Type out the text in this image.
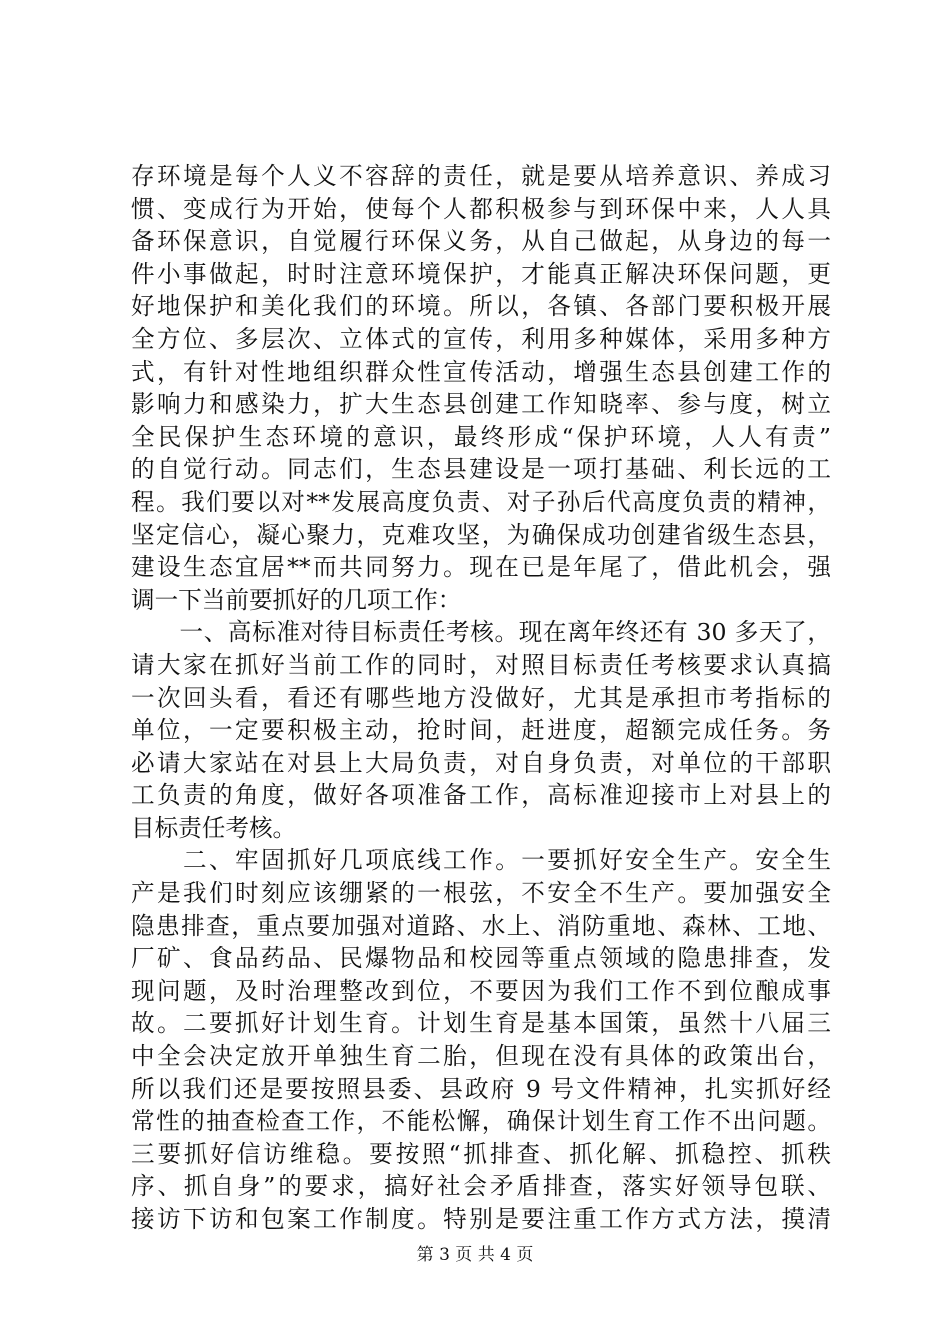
存环境是每个人义不容辞的责任，就是要从培养意识、养成习
惯、变成行为开始，使每个人都积极参与到环保中来，人人具
备环保意识，自觉履行环保义务，从自己做起，从身边的每一
件小事做起，时时注意环境保护，才能真正解决环保问题，更
好地保护和美化我们的环境。所以，各镇、各部门要积极开展
全方位、多层次、立体式的宣传，利用多种媒体，采用多种方
式，有针对性地组织群众性宣传活动，增强生态县创建工作的
影响力和感染力，扩大生态县创建工作知晓率、参与度，树立
全民保护生态环境的意识，最终形成“保护环境，人人有责”
的自觉行动。同志们，生态县建设是一项打基础、利长远的工
程。我们要以对**发展高度负责、对子孙后代高度负责的精神，
坚定信心，凝心聚力，克难攻坚，为确保成功创建省级生态县，
建设生态宜居**而共同努力。现在已是年尾了，借此机会，强
调一下当前要抓好的几项工作：
　　一、高标准对待目标责任考核。现在离年终还有 30 多天了，
请大家在抓好当前工作的同时，对照目标责任考核要求认真搞
一次回头看，看还有哪些地方没做好，尤其是承担市考指标的
单位，一定要积极主动，抢时间，赶进度，超额完成任务。务
必请大家站在对县上大局负责，对自身负责，对单位的干部职
工负责的角度，做好各项准备工作，高标准迎接市上对县上的
目标责任考核。
　　二、牢固抓好几项底线工作。一要抓好安全生产。安全生
产是我们时刻应该绷紧的一根弦，不安全不生产。要加强安全
隐患排查，重点要加强对道路、水上、消防重地、森林、工地、
厂矿、食品药品、民爆物品和校园等重点领域的隐患排查，发
现问题，及时治理整改到位，不要因为我们工作不到位酿成事
故。二要抓好计划生育。计划生育是基本国策，虽然十八届三
中全会决定放开单独生育二胎，但现在没有具体的政策出台，
所以我们还是要按照县委、县政府 9 号文件精神，扎实抓好经
常性的抽查检查工作，不能松懈，确保计划生育工作不出问题。
三要抓好信访维稳。要按照“抓排查、抓化解、抓稳控、抓秩
序、抓自身”的要求，搞好社会矛盾排查，落实好领导包联、
接访下访和包案工作制度。特别是要注重工作方式方法，摸清
第 3 页 共 4 页
